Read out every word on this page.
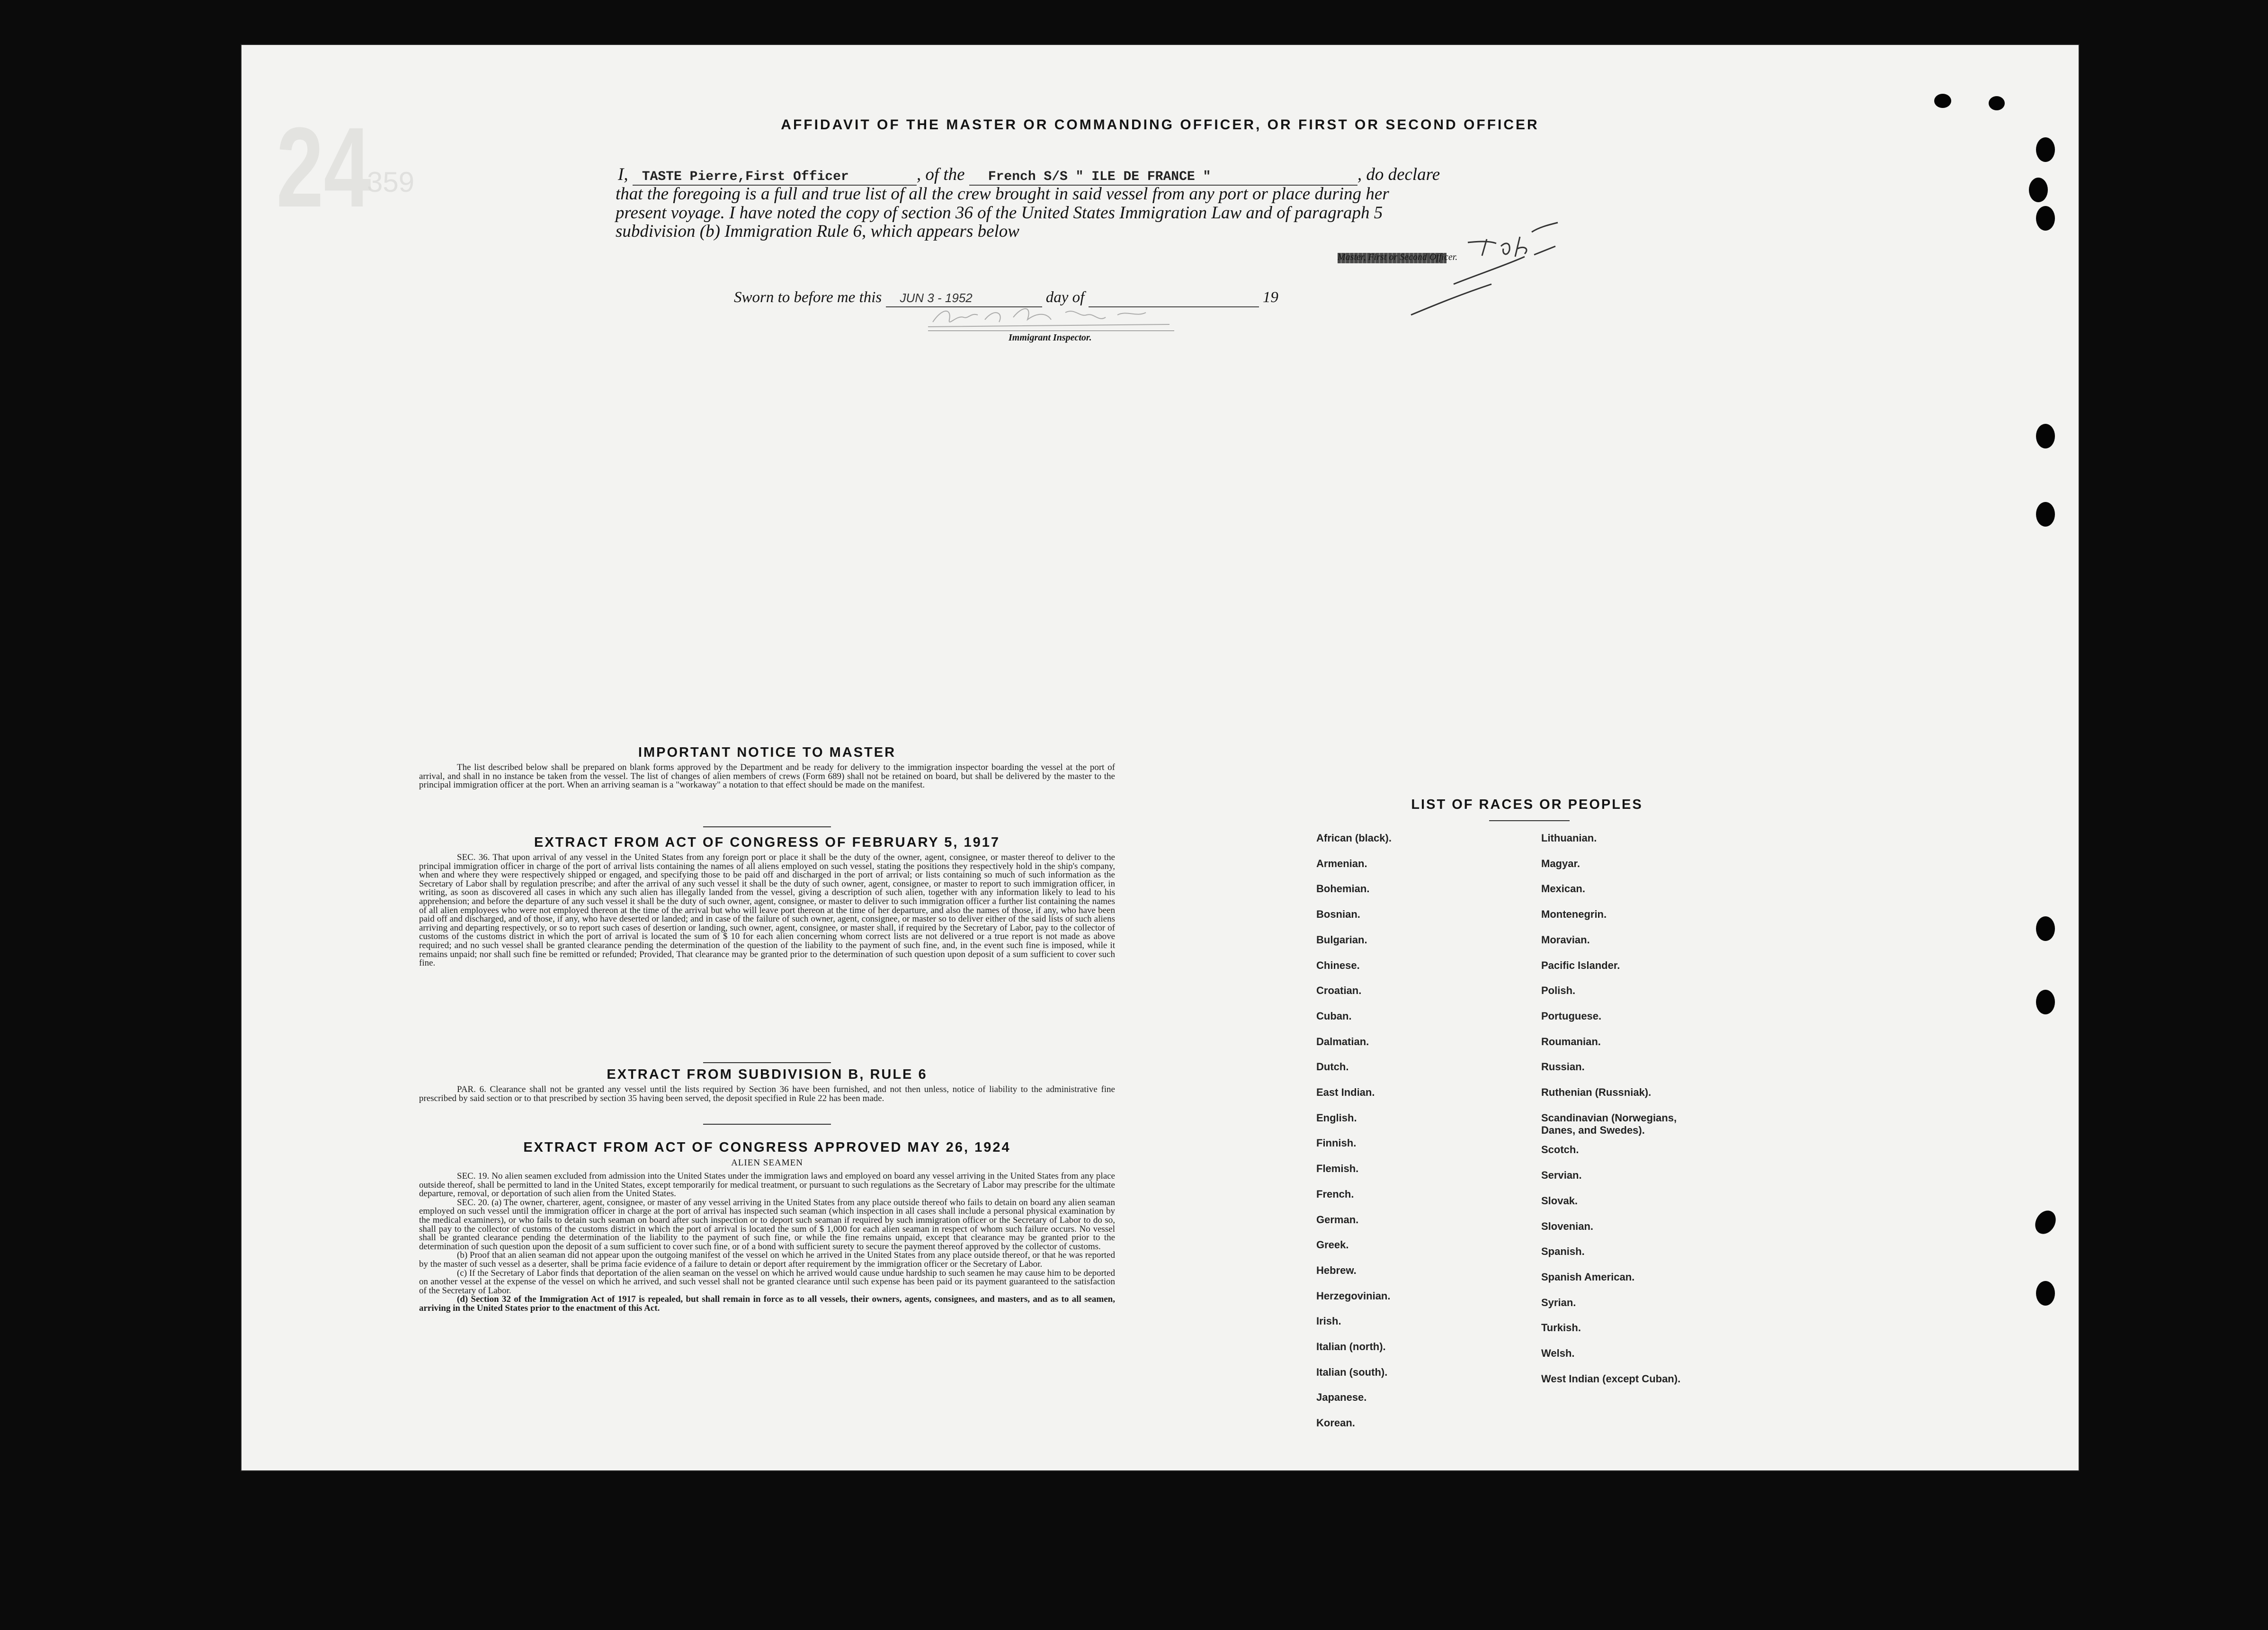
24
359
AFFIDAVIT OF THE MASTER OR COMMANDING OFFICER, OR FIRST OR SECOND OFFICER
I, TASTE Pierre,First Officer	, of the French S/S " ILE DE FRANCE "	, do declare
that the foregoing is a full and true list of all the crew brought in said vessel from any port or place during her
present voyage. I have noted the copy of section 36 of the United States Immigration Law and of paragraph 5
subdivision (b) Immigration Rule 6, which appears below
Master, First or Second Officer.
Sworn to before me this JUN 3 - 1952	day of	19
Immigrant Inspector.
IMPORTANT NOTICE TO MASTER

The list described below shall be prepared on blank forms approved by the Department and be ready for delivery to the immigration inspector boarding the vessel at the port of arrival, and shall in no instance be taken from the vessel. The list of changes of alien members of crews (Form 689) shall not be retained on board, but shall be delivered by the master to the principal immigration officer at the port. When an arriving seaman is a "workaway" a notation to that effect should be made on the manifest.

EXTRACT FROM ACT OF CONGRESS OF FEBRUARY 5, 1917

SEC. 36. That upon arrival of any vessel in the United States from any foreign port or place it shall be the duty of the owner, agent, consignee, or master thereof to deliver to the principal immigration officer in charge of the port of arrival lists containing the names of all aliens employed on such vessel, stating the positions they respectively hold in the ship's company, when and where they were respectively shipped or engaged, and specifying those to be paid off and discharged in the port of arrival; or lists containing so much of such information as the Secretary of Labor shall by regulation prescribe; and after the arrival of any such vessel it shall be the duty of such owner, agent, consignee, or master to report to such immigration officer, in writing, as soon as discovered all cases in which any such alien has illegally landed from the vessel, giving a description of such alien, together with any information likely to lead to his apprehension; and before the departure of any such vessel it shall be the duty of such owner, agent, consignee, or master to deliver to such immigration officer a further list containing the names of all alien employees who were not employed thereon at the time of the arrival but who will leave port thereon at the time of her departure, and also the names of those, if any, who have been paid off and discharged, and of those, if any, who have deserted or landed; and in case of the failure of such owner, agent, consignee, or master so to deliver either of the said lists of such aliens arriving and departing respectively, or so to report such cases of desertion or landing, such owner, agent, consignee, or master shall, if required by the Secretary of Labor, pay to the collector of customs of the customs district in which the port of arrival is located the sum of $ 10 for each alien concerning whom correct lists are not delivered or a true report is not made as above required; and no such vessel shall be granted clearance pending the determination of the question of the liability to the payment of such fine, and, in the event such fine is imposed, while it remains unpaid; nor shall such fine be remitted or refunded; Provided, That clearance may be granted prior to the determination of such question upon deposit of a sum sufficient to cover such fine.

EXTRACT FROM SUBDIVISION B, RULE 6

PAR. 6. Clearance shall not be granted any vessel until the lists required by Section 36 have been furnished, and not then unless, notice of liability to the administrative fine prescribed by said section or to that prescribed by section 35 having been served, the deposit specified in Rule 22 has been made.

EXTRACT FROM ACT OF CONGRESS APPROVED MAY 26, 1924
ALIEN SEAMEN

SEC. 19. No alien seamen excluded from admission into the United States under the immigration laws and employed on board any vessel arriving in the United States from any place outside thereof, shall be permitted to land in the United States, except temporarily for medical treatment, or pursuant to such regulations as the Secretary of Labor may prescribe for the ultimate departure, removal, or deportation of such alien from the United States.

SEC. 20. (a) The owner, charterer, agent, consignee, or master of any vessel arriving in the United States from any place outside thereof who fails to detain on board any alien seaman employed on such vessel until the immigration officer in charge at the port of arrival has inspected such seaman (which inspection in all cases shall include a personal physical examination by the medical examiners), or who fails to detain such seaman on board after such inspection or to deport such seaman if required by such immigration officer or the Secretary of Labor to do so, shall pay to the collector of customs of the customs district in which the port of arrival is located the sum of $ 1,000 for each alien seaman in respect of whom such failure occurs. No vessel shall be granted clearance pending the determination of the liability to the payment of such fine, or while the fine remains unpaid, except that clearance may be granted prior to the determination of such question upon the deposit of a sum sufficient to cover such fine, or of a bond with sufficient surety to secure the payment thereof approved by the collector of customs.

(b) Proof that an alien seaman did not appear upon the outgoing manifest of the vessel on which he arrived in the United States from any place outside thereof, or that he was reported by the master of such vessel as a deserter, shall be prima facie evidence of a failure to detain or deport after requirement by the immigration officer or the Secretary of Labor.

(c) If the Secretary of Labor finds that deportation of the alien seaman on the vessel on which he arrived would cause undue hardship to such seamen he may cause him to be deported on another vessel at the expense of the vessel on which he arrived, and such vessel shall not be granted clearance until such expense has been paid or its payment guaranteed to the satisfaction of the Secretary of Labor.

(d) Section 32 of the Immigration Act of 1917 is repealed, but shall remain in force as to all vessels, their owners, agents, consignees, and masters, and as to all seamen, arriving in the United States prior to the enactment of this Act.

LIST OF RACES OR PEOPLES
African (black).
Armenian.
Bohemian.
Bosnian.
Bulgarian.
Chinese.
Croatian.
Cuban.
Dalmatian.
Dutch.
East Indian.
English.
Finnish.
Flemish.
French.
German.
Greek.
Hebrew.
Herzegovinian.
Irish.
Italian (north).
Italian (south).
Japanese.
Korean.
Lithuanian.
Magyar.
Mexican.
Montenegrin.
Moravian.
Pacific Islander.
Polish.
Portuguese.
Roumanian.
Russian.
Ruthenian (Russniak).
Scandinavian (Norwegians, Danes, and Swedes).
Scotch.
Servian.
Slovak.
Slovenian.
Spanish.
Spanish American.
Syrian.
Turkish.
Welsh.
West Indian (except Cuban).
